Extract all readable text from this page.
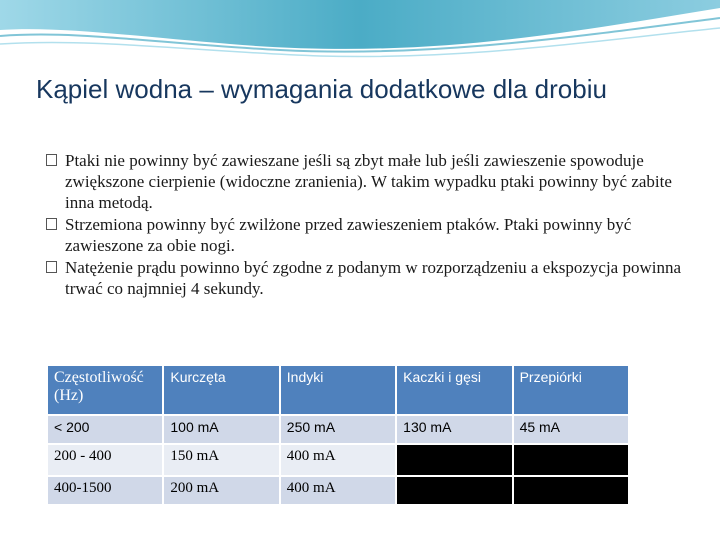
Kąpiel wodna – wymagania dodatkowe dla drobiu
Ptaki nie powinny być zawieszane jeśli są zbyt małe lub jeśli zawieszenie spowoduje zwiększone cierpienie (widoczne zranienia). W takim wypadku ptaki powinny być zabite inna metodą.
Strzemiona powinny być zwilżone przed zawieszeniem ptaków. Ptaki powinny być zawieszone za obie nogi.
Natężenie prądu powinno być zgodne z podanym w rozporządzeniu a ekspozycja powinna trwać co najmniej 4 sekundy.
Częstotliwość (Hz)	Kurczęta	Indyki	Kaczki i gęsi	Przepiórki
< 200	100 mA	250 mA	130 mA	45 mA
200 - 400	150 mA	400 mA		
400-1500	200 mA	400 mA		
